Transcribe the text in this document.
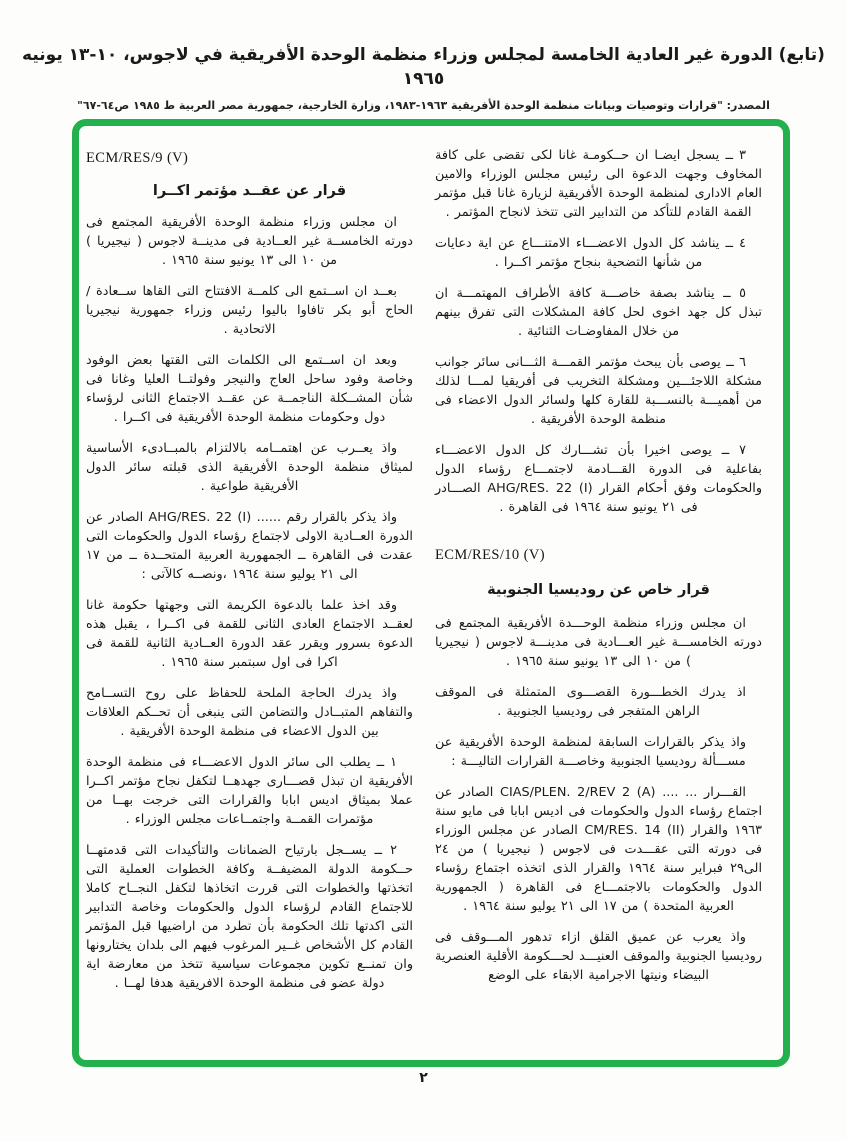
(تابع) الدورة غير العادية الخامسة لمجلس وزراء منظمة الوحدة الأفريقية في لاجوس، ١٠-١٣ يونيه ١٩٦٥
المصدر: "قرارات وتوصيات وبيانات منظمة الوحدة الأفريقية ١٩٦٣-١٩٨٣، وزارة الخارجية، جمهورية مصر العربية ط ١٩٨٥ ص٦٤-٦٧"
ECM/RES/9 (V)
قرار عن عقــد مؤتمر اكــرا

ان مجلس وزراء منظمة الوحدة الأفريقية المجتمع فى دورته الخامســة غير العــادية فى مدينــة لاجوس ( نيجيريا ) من ١٠ الى ١٣ يونيو سنة ١٩٦٥ .

بعــد ان اســتمع الى كلمــة الافتتاح التى القاها ســعادة / الحاج أبو بكر تافاوا باليوا رئيس وزراء جمهورية نيجيريا الاتحادية .

وبعد ان اســتمع الى الكلمات التى القتها بعض الوفود وخاصة وفود ساحل العاج والنيجر وفولتــا العليا وغانا فى شأن المشــكلة الناجمــة عن عقــد الاجتماع الثانى لرؤساء دول وحكومات منظمة الوحدة الأفريقية فى اكــرا .

واذ يعــرب عن اهتمــامه بالالتزام بالمبــادىء الأساسية لميثاق منظمة الوحدة الأفريقية الذى قبلته سائر الدول الأفريقية طواعية .

واذ يذكر بالقرار رقم ...... AHG/RES. 22 (I) الصادر عن الدورة العــادية الاولى لاجتماع رؤساء الدول والحكومات التى عقدت فى القاهرة ــ الجمهورية العربية المتحــدة ــ من ١٧ الى ٢١ يوليو سنة ١٩٦٤ ،ونصــه كالآتى :

وقد اخذ علما بالدعوة الكريمة التى وجهتها حكومة غانا لعقــد الاجتماع العادى الثانى للقمة فى اكــرا ، يقبل هذه الدعوة بسرور ويقرر عقد الدورة العــادية الثانية للقمة فى اكرا فى اول سبتمبر سنة ١٩٦٥ .

واذ يدرك الحاجة الملحة للحفاظ على روح التســامح والتفاهم المتبــادل والتضامن التى ينبغى أن تحــكم العلاقات بين الدول الاعضاء فى منظمة الوحدة الأفريقية .

١ ــ يطلب الى سائر الدول الاعضـــاء فى منظمة الوحدة الأفريقية ان تبذل قصـــارى جهدهــا لتكفل نجاح مؤتمر اكــرا عملا بميثاق اديس ابابا والقرارات التى خرجت بهــا من مؤتمرات القمــة واجتمــاعات مجلس الوزراء .

٢ ــ يســجل بارتياح الضمانات والتأكيدات التى قدمتهــا حــكومة الدولة المضيفــة وكافة الخطوات العملية التى اتخذتها والخطوات التى قررت اتخاذها لتكفل النجــاح كاملا للاجتماع القادم لرؤساء الدول والحكومات وخاصة التدابير التى اكدتها تلك الحكومة بأن تطرد من اراضيها قبل المؤتمر القادم كل الأشخاص غــير المرغوب فيهم الى بلدان يختارونها وان تمنــع تكوين مجموعات سياسية تتخذ من معارضة اية دولة عضو فى منظمة الوحدة الافريقية هدفا لهــا .

٣ ــ يسجل ايضـا ان حــكومـة غانا لكى تقضى على كافة المخاوف وجهت الدعوة الى رئيس مجلس الوزراء والامين العام الادارى لمنظمة الوحدة الأفريقية لزيارة غانا قبل مؤتمر القمة القادم للتأكد من التدابير التى تتخذ لانجاح المؤتمر .

٤ ــ يناشد كل الدول الاعضـــاء الامتنـــاع عن اية دعايات من شأنها التضحية بنجاح مؤتمر اكــرا .

٥ ــ يناشد بصفة خاصـــة كافة الأطراف المهتمـــة ان تبذل كل جهد اخوى لحل كافة المشكلات التى تفرق بينهم من خلال المفاوضـات الثنائية .

٦ ــ يوصى بأن يبحث مؤتمر القمـــة الثـــانى سائر جوانب مشكلة اللاجئـــين ومشكلة التخريب فى أفريقيا لمـــا لذلك من أهميـــة بالنســـبة للقارة كلها ولسائر الدول الاعضاء فى منظمة الوحدة الأفريقية .

٧ ــ يوصى اخيرا بأن تشـــارك كل الدول الاعضـــاء بفاعلية فى الدورة القـــادمة لاجتمـــاع رؤساء الدول والحكومات وفق أحكام القرار AHG/RES. 22 (I) الصـــادر فى ٢١ يونيو سنة ١٩٦٤ فى القاهرة .

ECM/RES/10 (V)
قرار خاص عن روديسيا الجنوبية

ان مجلس وزراء منظمة الوحـــدة الأفريقية المجتمع فى دورته الخامســـة غير العـــادية فى مدينـــة لاجوس ( نيجيريا ) من ١٠ الى ١٣ يونيو سنة ١٩٦٥ .

اذ يدرك الخطـــورة القصـــوى المتمثلة فى الموقف الراهن المتفجر فى روديسيا الجنوبية .

واذ يذكر بالقرارات السابقة لمنظمة الوحدة الأفريقية عن مســـألة روديسيا الجنوبية وخاصـــة القرارات التاليـــة :

القـــرار ... .... CIAS/PLEN. 2/REV 2 (A) الصادر عن اجتماع رؤساء الدول والحكومات فى اديس ابابا فى مايو سنة ١٩٦٣ والقرار CM/RES. 14 (II) الصادر عن مجلس الوزراء فى دورته التى عقـــدت فى لاجوس ( نيجيريا ) من ٢٤ الى٢٩ فبراير سنة ١٩٦٤ والقرار الذى اتخذه اجتماع رؤساء الدول والحكومات بالاجتمـــاع فى القاهرة ( الجمهورية العربية المتحدة ) من ١٧ الى ٢١ يوليو سنة ١٩٦٤ .

واذ يعرب عن عميق القلق ازاء تدهور المـــوقف فى روديسيا الجنوبية والموقف العنيـــد لحـــكومة الأقلية العنصرية البيضاء ونيتها الاجرامية الابقاء على الوضع

٢
